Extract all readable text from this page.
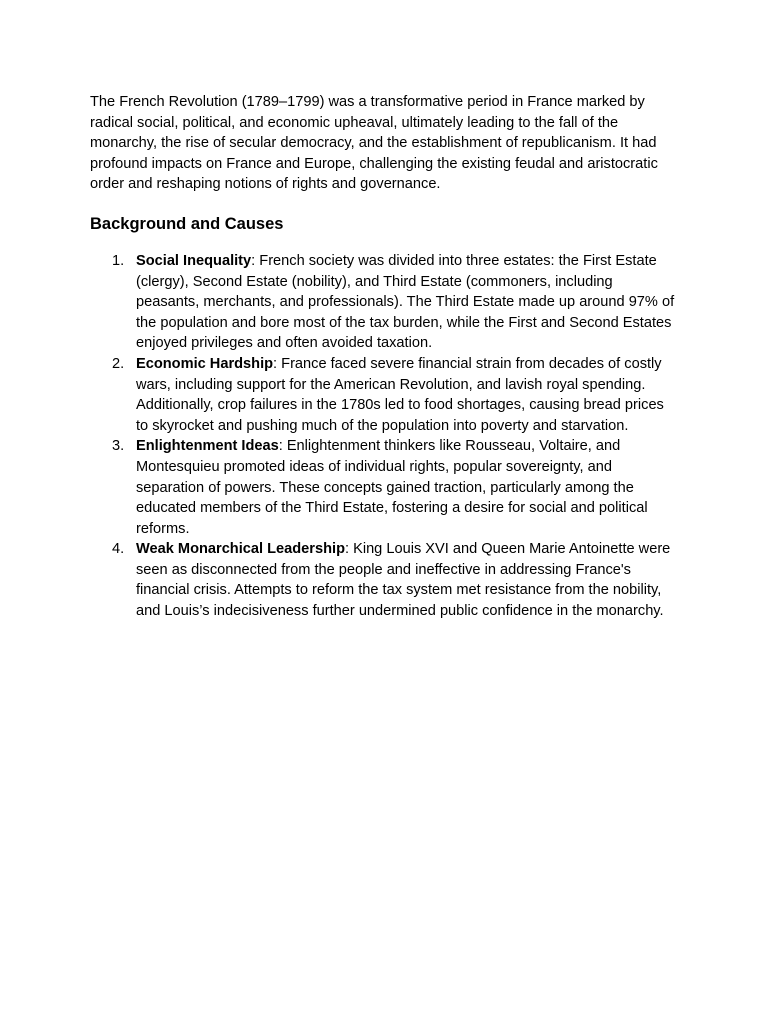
The French Revolution (1789–1799) was a transformative period in France marked by radical social, political, and economic upheaval, ultimately leading to the fall of the monarchy, the rise of secular democracy, and the establishment of republicanism. It had profound impacts on France and Europe, challenging the existing feudal and aristocratic order and reshaping notions of rights and governance.

Background and Causes
1. Social Inequality: French society was divided into three estates: the First Estate (clergy), Second Estate (nobility), and Third Estate (commoners, including peasants, merchants, and professionals). The Third Estate made up around 97% of the population and bore most of the tax burden, while the First and Second Estates enjoyed privileges and often avoided taxation.
2. Economic Hardship: France faced severe financial strain from decades of costly wars, including support for the American Revolution, and lavish royal spending. Additionally, crop failures in the 1780s led to food shortages, causing bread prices to skyrocket and pushing much of the population into poverty and starvation.
3. Enlightenment Ideas: Enlightenment thinkers like Rousseau, Voltaire, and Montesquieu promoted ideas of individual rights, popular sovereignty, and separation of powers. These concepts gained traction, particularly among the educated members of the Third Estate, fostering a desire for social and political reforms.
4. Weak Monarchical Leadership: King Louis XVI and Queen Marie Antoinette were seen as disconnected from the people and ineffective in addressing France's financial crisis. Attempts to reform the tax system met resistance from the nobility, and Louis’s indecisiveness further undermined public confidence in the monarchy.
